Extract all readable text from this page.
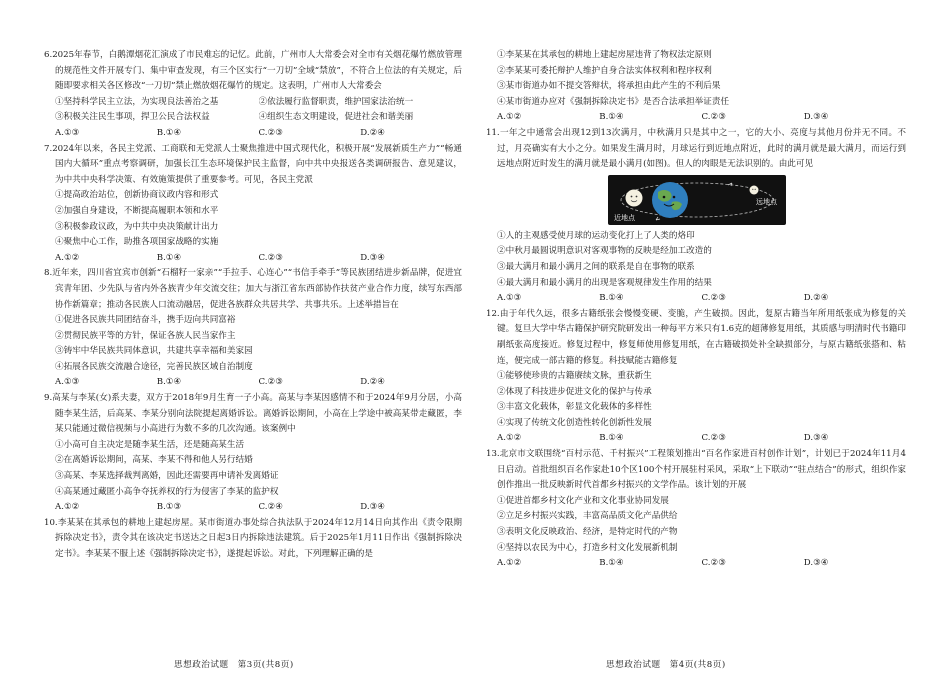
6.2025年春节，白鹅潭烟花汇演成了市民难忘的记忆。此前，广州市人大常委会对全市有关烟花爆竹燃放管理的规范性文件开展专门、集中审查发现，有三个区实行“一刀切”全域“禁放”，不符合上位法的有关规定，后随即要求相关各区修改“一刀切”禁止燃放烟花爆竹的规定。这表明，广州市人大常委会
①坚持科学民主立法，为实现良法善治之基	②依法履行监督职责，维护国家法治统一
③积极关注民生事项，捍卫公民合法权益	④组织生态文明建设，促进社会和谐美丽
A.①③	B.①④	C.②③	D.②④
7.2024年以来，各民主党派、工商联和无党派人士聚焦推进中国式现代化，积极开展“发展新质生产力”“畅通国内大循环”重点考察调研，加强长江生态环境保护民主监督，向中共中央报送各类调研报告、意见建议，为中共中央科学决策、有效施策提供了重要参考。可见，各民主党派
①提高政治站位，创新协商议政内容和形式
②加强自身建设，不断提高履职本领和水平
③积极参政议政，为中共中央决策献计出力
④聚焦中心工作，助推各项国家战略的实施
A.①②	B.①④	C.②③	D.③④
8.近年来，四川省宜宾市创新“石榴籽一家亲”“手拉手、心连心”“书信手牵手”等民族团结进步新品牌，促进宜宾青年团、少先队与省内外各族青少年交流交往；加大与浙江省东西部协作扶贫产业合作力度，续写东西部协作新篇章；推动各民族人口流动融居，促进各族群众共居共学、共事共乐。上述举措旨在
①促进各民族共同团结奋斗，携手迈向共同富裕
②贯彻民族平等的方针，保证各族人民当家作主
③铸牢中华民族共同体意识，共建共享幸福和美家园
④拓展各民族交流融合途径，完善民族区域自治制度
A.①③	B.①④	C.②③	D.②④
9.高某与李某(女)系夫妻，双方于2018年9月生育一子小高。高某与李某因感情不和于2024年9月分居，小高随李某生活，后高某、李某分别向法院提起离婚诉讼。离婚诉讼期间，小高在上学途中被高某带走藏匿，李某只能通过微信视频与小高进行为数不多的几次沟通。该案例中
①小高可自主决定是随李某生活，还是随高某生活
②在离婚诉讼期间，高某、李某不得和他人另行结婚
③高某、李某选择裁判离婚，因此还需要再申请补发离婚证
④高某通过藏匿小高争夺抚养权的行为侵害了李某的监护权
A.①②	B.①③	C.②④	D.③④
10.李某某在其承包的耕地上建起房屋。某市街道办事处综合执法队于2024年12月14日向其作出《责令限期拆除决定书》，责令其在该决定书送达之日起3日内拆除违法建筑。后于2025年1月11日作出《强制拆除决定书》。李某某不服上述《强制拆除决定书》，遂提起诉讼。对此，下列理解正确的是
①李某某在其承包的耕地上建起房屋违背了物权法定原则
②李某某可委托辩护人维护自身合法实体权利和程序权利
③某市街道办如不提交答辩状，将承担由此产生的不利后果
④某市街道办应对《强制拆除决定书》是否合法承担举证责任
A.①②	B.①④	C.②③	D.③④
11.一年之中通常会出现12到13次满月，中秋满月只是其中之一，它的大小、亮度与其他月份并无不同。不过，月亮确实有大小之分。如果发生满月时，月球运行到近地点附近，此时的满月就是最大满月，而运行到远地点附近时发生的满月就是最小满月(如图)。但人的肉眼是无法识别的。由此可见
近地点
远地点
①人的主观感受使月球的运动变化打上了人类的烙印
②中秋月最圆说明意识对客观事物的反映是经加工改造的
③最大满月和最小满月之间的联系是自在事物的联系
④最大满月和最小满月的出现是客观规律发生作用的结果
A.①③	B.①④	C.②③	D.②④
12.由于年代久远，很多古籍纸张会慢慢变硬、变脆，产生破损。因此，复原古籍当年所用纸张成为修复的关键。复旦大学中华古籍保护研究院研发出一种每平方米只有1.6克的超薄修复用纸，其质感与明清时代书籍印刷纸张高度接近。修复过程中，修复师使用修复用纸，在古籍破损处补全缺损部分，与原古籍纸张搭和、粘连，便完成一部古籍的修复。科技赋能古籍修复
①能够使珍贵的古籍赓续文脉，重获新生
②体现了科技进步促进文化的保护与传承
③丰富文化载体，彰显文化载体的多样性
④实现了传统文化创造性转化创新性发展
A.①②	B.①④	C.②③	D.③④
13.北京市文联围绕“百村示范、千村振兴”工程策划推出“百名作家进百村创作计划”，计划已于2024年11月4日启动。首批组织百名作家赴10个区100个村开展驻村采风，采取“上下联动”“驻点结合”的形式，组织作家创作推出一批反映新时代首都乡村振兴的文学作品。该计划的开展
①促进首都乡村文化产业和文化事业协同发展
②立足乡村振兴实践，丰富高品质文化产品供给
③表明文化反映政治、经济，是特定时代的产物
④坚持以农民为中心，打造乡村文化发展新机制
A.①②	B.①④	C.②③	D.③④
思想政治试题　第3页(共8页)	思想政治试题　第4页(共8页)
